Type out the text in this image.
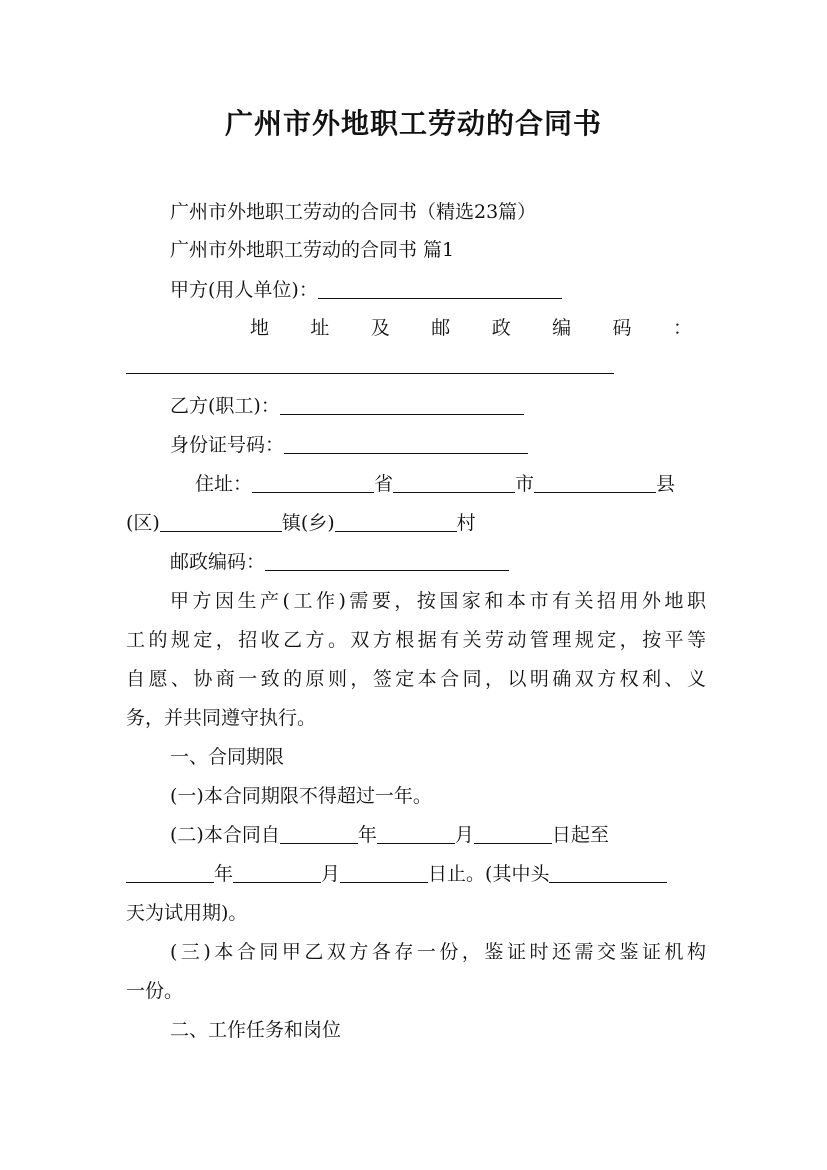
广州市外地职工劳动的合同书
广州市外地职工劳动的合同书（精选23篇）
广州市外地职工劳动的合同书 篇1
甲方(用人单位)：
地 址 及 邮 政 编 码 ：
乙方(职工)：
身份证号码：
住址：	省	市	县
(区)	镇(乡)	村
邮政编码：
甲方因生产(工作)需要，按国家和本市有关招用外地职
工的规定，招收乙方。双方根据有关劳动管理规定，按平等
自愿、协商一致的原则，签定本合同，以明确双方权利、义
务，并共同遵守执行。
一、合同期限
(一)本合同期限不得超过一年。
(二)本合同自	年	月	日起至
年	月	日止。(其中头
天为试用期)。
(三)本合同甲乙双方各存一份，鉴证时还需交鉴证机构
一份。
二、工作任务和岗位
